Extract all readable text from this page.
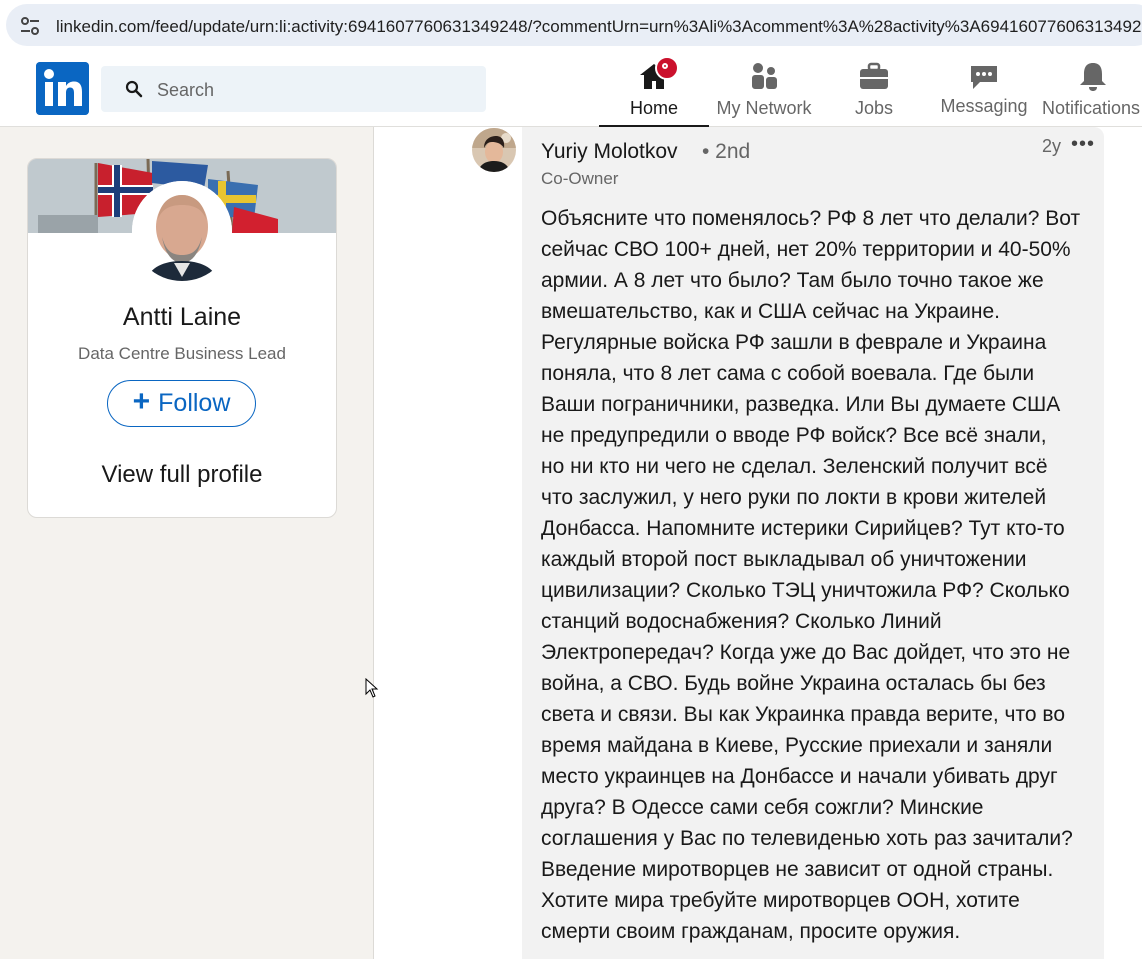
linkedin.com/feed/update/urn:li:activity:6941607760631349248/?commentUrn=urn%3Ali%3Acomment%3A%28activity%3A69416077606313492
Search
Home	My Network	Jobs	Messaging Notifications
Antti Laine
Data Centre Business Lead
+ Follow
View full profile
Yuriy Molotkov • 2nd
Co-Owner
2y •••
Объясните что поменялось? РФ 8 лет что делали? Вот
сейчас СВО 100+ дней, нет 20% территории и 40-50%
армии. А 8 лет что было? Там было точно такое же
вмешательство, как и США сейчас на Украине.
Регулярные войска РФ зашли в феврале и Украина
поняла, что 8 лет сама с собой воевала. Где были
Ваши пограничники, разведка. Или Вы думаете США
не предупредили о вводе РФ войск? Все всё знали,
но ни кто ни чего не сделал. Зеленский получит всё
что заслужил, у него руки по локти в крови жителей
Донбасса. Напомните истерики Сирийцев? Тут кто-то
каждый второй пост выкладывал об уничтожении
цивилизации? Сколько ТЭЦ уничтожила РФ? Сколько
станций водоснабжения? Сколько Линий
Электропередач? Когда уже до Вас дойдет, что это не
война, а СВО. Будь войне Украина осталась бы без
света и связи. Вы как Украинка правда верите, что во
время майдана в Киеве, Русские приехали и заняли
место украинцев на Донбассе и начали убивать друг
друга? В Одессе сами себя сожгли? Минские
соглашения у Вас по телевиденью хоть раз зачитали?
Введение миротворцев не зависит от одной страны.
Хотите мира требуйте миротворцев ООН, хотите
смерти своим гражданам, просите оружия.
